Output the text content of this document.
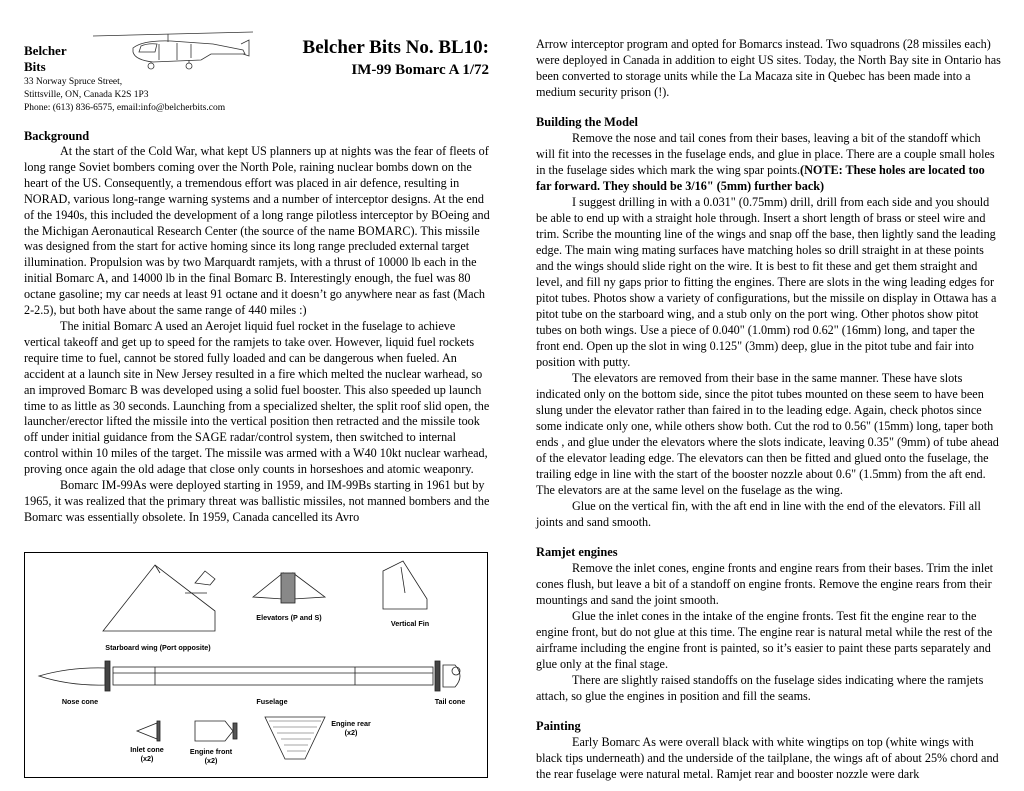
Belcher
Bits
33 Norway Spruce Street,
Stittsville, ON, Canada K2S 1P3
Phone: (613) 836-6575, email:info@belcherbits.com
Belcher Bits No. BL10:
IM-99 Bomarc A 1/72
Background

At the start of the Cold War, what kept US planners up at nights was the fear of fleets of long range Soviet bombers coming over the North Pole, raining nuclear bombs down on the heart of the US. Consequently, a tremendous effort was placed in air defence, resulting in NORAD, various long-range warning systems and a number of interceptor designs. At the end of the 1940s, this included the development of a long range pilotless interceptor by BOeing and the Michigan Aeronautical Research Center (the source of the name BOMARC). This missile was designed from the start for active homing since its long range precluded external target illumination. Propulsion was by two Marquardt ramjets, with a thrust of 10000 lb each in the initial Bomarc A, and 14000 lb in the final Bomarc B. Interestingly enough, the fuel was 80 octane gasoline; my car needs at least 91 octane and it doesn’t go anywhere near as fast (Mach 2-2.5), but both have about the same range of 440 miles :)

The initial Bomarc A used an Aerojet liquid fuel rocket in the fuselage to achieve vertical takeoff and get up to speed for the ramjets to take over. However, liquid fuel rockets require time to fuel, cannot be stored fully loaded and can be dangerous when fueled. An accident at a launch site in New Jersey resulted in a fire which melted the nuclear warhead, so an improved Bomarc B was developed using a solid fuel booster. This also speeded up launch time to as little as 30 seconds. Launching from a specialized shelter, the split roof slid open, the launcher/erector lifted the missile into the vertical position then retracted and the missile took off under initial guidance from the SAGE radar/control system, then switched to internal control within 10 miles of the target. The missile was armed with a W40 10kt nuclear warhead, proving once again the old adage that close only counts in horseshoes and atomic weaponry.

Bomarc IM-99As were deployed starting in 1959, and IM-99Bs starting in 1961 but by 1965, it was realized that the primary threat was ballistic missiles, not manned bombers and the Bomarc was essentially obsolete. In 1959, Canada cancelled its Avro

Starboard wing (Port opposite)
Elevators (P and S)
Vertical Fin
Nose cone	Fuselage	Tail cone
Inlet cone
(x2)
Engine front
(x2)
Engine rear
(x2)

Arrow interceptor program and opted for Bomarcs instead. Two squadrons (28 missiles each) were deployed in Canada in addition to eight US sites. Today, the North Bay site in Ontario has been converted to storage units while the La Macaza site in Quebec has been made into a medium security prison (!).

Building the Model

Remove the nose and tail cones from their bases, leaving a bit of the standoff which will fit into the recesses in the fuselage ends, and glue in place. There are a couple small holes in the fuselage sides which mark the wing spar points.(NOTE: These holes are located too far forward. They should be 3/16" (5mm) further back)

I suggest drilling in with a 0.031" (0.75mm) drill, drill from each side and you should be able to end up with a straight hole through. Insert a short length of brass or steel wire and trim. Scribe the mounting line of the wings and snap off the base, then lightly sand the leading edge. The main wing mating surfaces have matching holes so drill straight in at these points and the wings should slide right on the wire. It is best to fit these and get them straight and level, and fill ny gaps prior to fitting the engines. There are slots in the wing leading edges for pitot tubes. Photos show a variety of configurations, but the missile on display in Ottawa has a pitot tube on the starboard wing, and a stub only on the port wing. Other photos show pitot tubes on both wings. Use a piece of 0.040" (1.0mm) rod 0.62" (16mm) long, and taper the front end. Open up the slot in wing 0.125" (3mm) deep, glue in the pitot tube and fair into position with putty.

The elevators are removed from their base in the same manner. These have slots indicated only on the bottom side, since the pitot tubes mounted on these seem to have been slung under the elevator rather than faired in to the leading edge. Again, check photos since some indicate only one, while others show both. Cut the rod to 0.56" (15mm) long, taper both ends , and glue under the elevators where the slots indicate, leaving 0.35" (9mm) of tube ahead of the elevator leading edge. The elevators can then be fitted and glued onto the fuselage, the trailing edge in line with the start of the booster nozzle about 0.6" (1.5mm) from the aft end. The elevators are at the same level on the fuselage as the wing.

Glue on the vertical fin, with the aft end in line with the end of the elevators. Fill all joints and sand smooth.

Ramjet engines

Remove the inlet cones, engine fronts and engine rears from their bases. Trim the inlet cones flush, but leave a bit of a standoff on engine fronts. Remove the engine rears from their mountings and sand the joint smooth.

Glue the inlet cones in the intake of the engine fronts. Test fit the engine rear to the engine front, but do not glue at this time. The engine rear is natural metal while the rest of the airframe including the engine front is painted, so it’s easier to paint these parts separately and glue only at the final stage.

There are slightly raised standoffs on the fuselage sides indicating where the ramjets attach, so glue the engines in position and fill the seams.

Painting

Early Bomarc As were overall black with white wingtips on top (white wings with black tips underneath) and the underside of the tailplane, the wings aft of about 25% chord and the rear fuselage were natural metal. Ramjet rear and booster nozzle were dark
